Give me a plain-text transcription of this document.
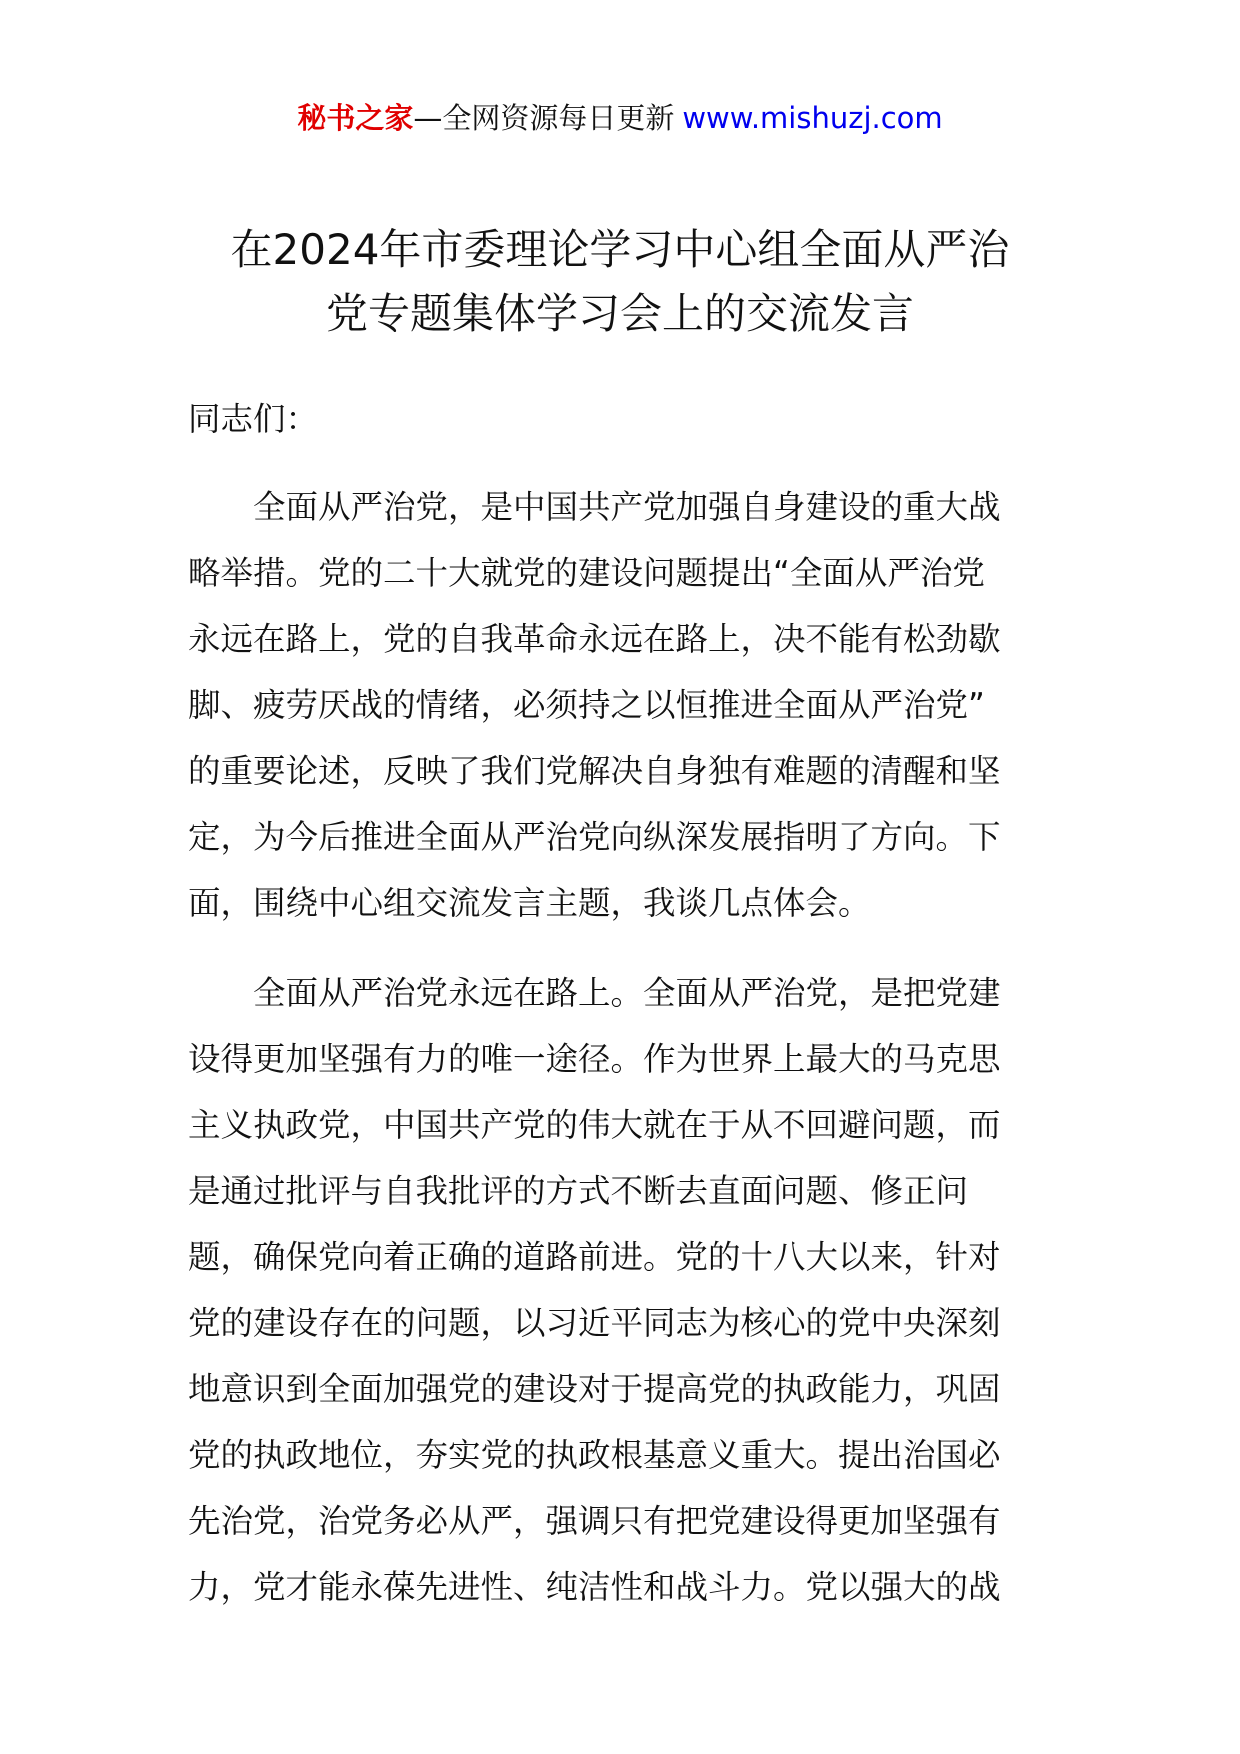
秘书之家—全网资源每日更新 www.mishuzj.com
在2024年市委理论学习中心组全面从严治
党专题集体学习会上的交流发言
同志们：
　　全面从严治党，是中国共产党加强自身建设的重大战
略举措。党的二十大就党的建设问题提出“全面从严治党
永远在路上，党的自我革命永远在路上，决不能有松劲歇
脚、疲劳厌战的情绪，必须持之以恒推进全面从严治党”
的重要论述，反映了我们党解决自身独有难题的清醒和坚
定，为今后推进全面从严治党向纵深发展指明了方向。下
面，围绕中心组交流发言主题，我谈几点体会。
　　全面从严治党永远在路上。全面从严治党，是把党建
设得更加坚强有力的唯一途径。作为世界上最大的马克思
主义执政党，中国共产党的伟大就在于从不回避问题，而
是通过批评与自我批评的方式不断去直面问题、修正问
题，确保党向着正确的道路前进。党的十八大以来，针对
党的建设存在的问题，以习近平同志为核心的党中央深刻
地意识到全面加强党的建设对于提高党的执政能力，巩固
党的执政地位，夯实党的执政根基意义重大。提出治国必
先治党，治党务必从严，强调只有把党建设得更加坚强有
力，党才能永葆先进性、纯洁性和战斗力。党以强大的战
